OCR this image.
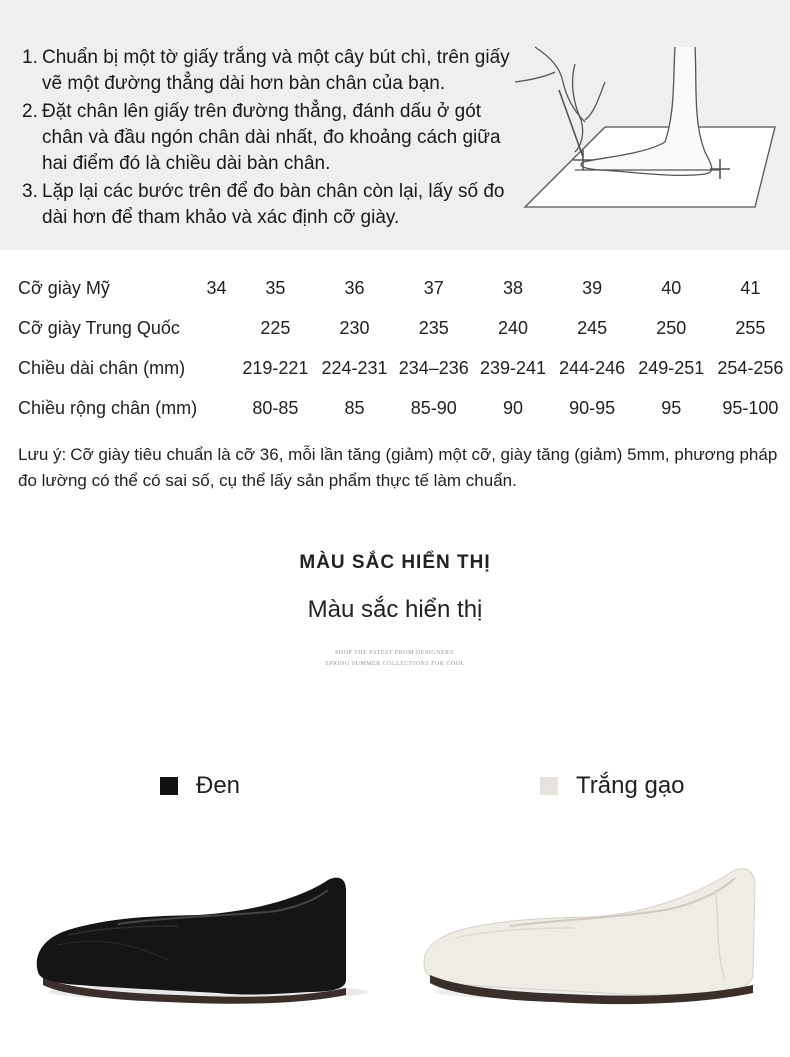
1. Chuẩn bị một tờ giấy trắng và một cây bút chì, trên giấy vẽ một đường thẳng dài hơn bàn chân của bạn.
2. Đặt chân lên giấy trên đường thẳng, đánh dấu ở gót chân và đầu ngón chân dài nhất, đo khoảng cách giữa hai điểm đó là chiều dài bàn chân.
3. Lặp lại các bước trên để đo bàn chân còn lại, lấy số đo dài hơn để tham khảo và xác định cỡ giày.
Cỡ giày Mỹ	34	35	36	37	38	39	40	41
Cỡ giày Trung Quốc		225	230	235	240	245	250	255
Chiều dài chân (mm)		219-221	224-231	234–236	239-241	244-246	249-251	254-256
Chiều rộng chân (mm)		80-85	85	85-90	90	90-95	95	95-100
Lưu ý: Cỡ giày tiêu chuẩn là cỡ 36, mỗi lần tăng (giảm) một cỡ, giày tăng (giảm) 5mm, phương pháp đo lường có thể có sai số, cụ thể lấy sản phẩm thực tế làm chuẩn.
MÀU SẮC HIỂN THỊ
Màu sắc hiển thị
SHOP THE FATEST FROM DESIGNERS'
SPRING SUMMER COLLECTIONS FOR COOL
Đen	Trắng gạo
